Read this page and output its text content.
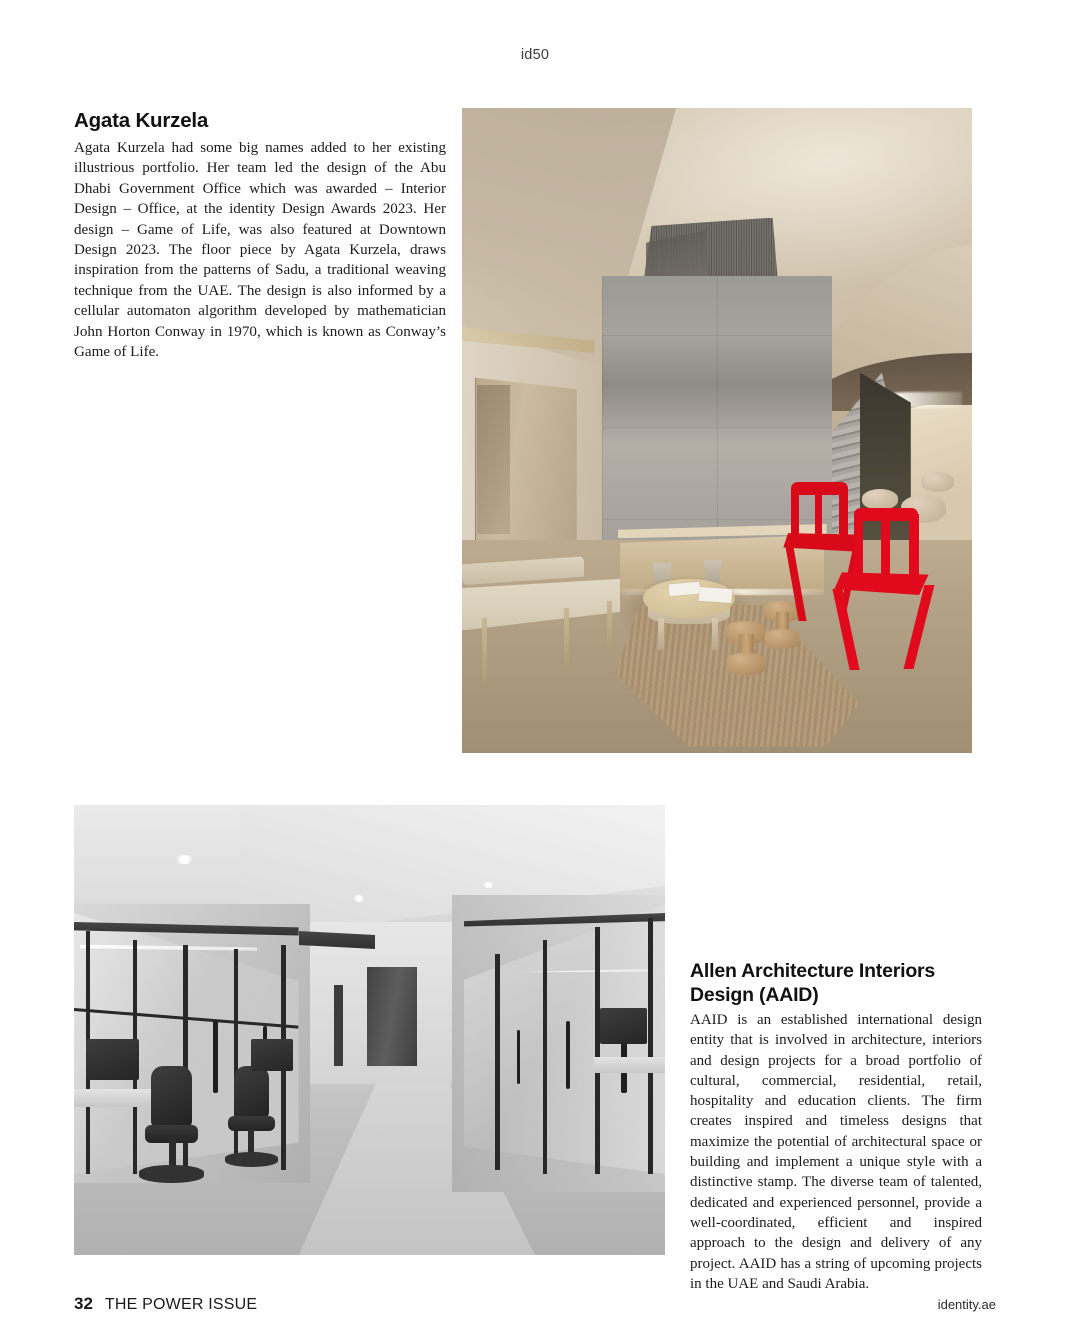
id50
Agata Kurzela

Agata Kurzela had some big names added to her existing illustrious portfolio. Her team led the design of the Abu Dhabi Government Office which was awarded – Interior Design – Office, at the identity Design Awards 2023. Her design – Game of Life, was also featured at Downtown Design 2023. The floor piece by Agata Kurzela, draws inspiration from the patterns of Sadu, a traditional weaving technique from the UAE. The design is also informed by a cellular automaton algorithm developed by mathematician John Horton Conway in 1970, which is known as Conway’s Game of Life.

Allen Architecture Interiors Design (AAID)

AAID is an established international design entity that is involved in architecture, interiors and design projects for a broad portfolio of cultural, commercial, residential, retail, hospitality and education clients. The firm creates inspired and timeless designs that maximize the potential of architectural space or building and implement a unique style with a distinctive stamp. The diverse team of talented, dedicated and experienced personnel, provide a well-coordinated, efficient and inspired approach to the design and delivery of any project. AAID has a string of upcoming projects in the UAE and Saudi Arabia.

32 THE POWER ISSUE	identity.ae
